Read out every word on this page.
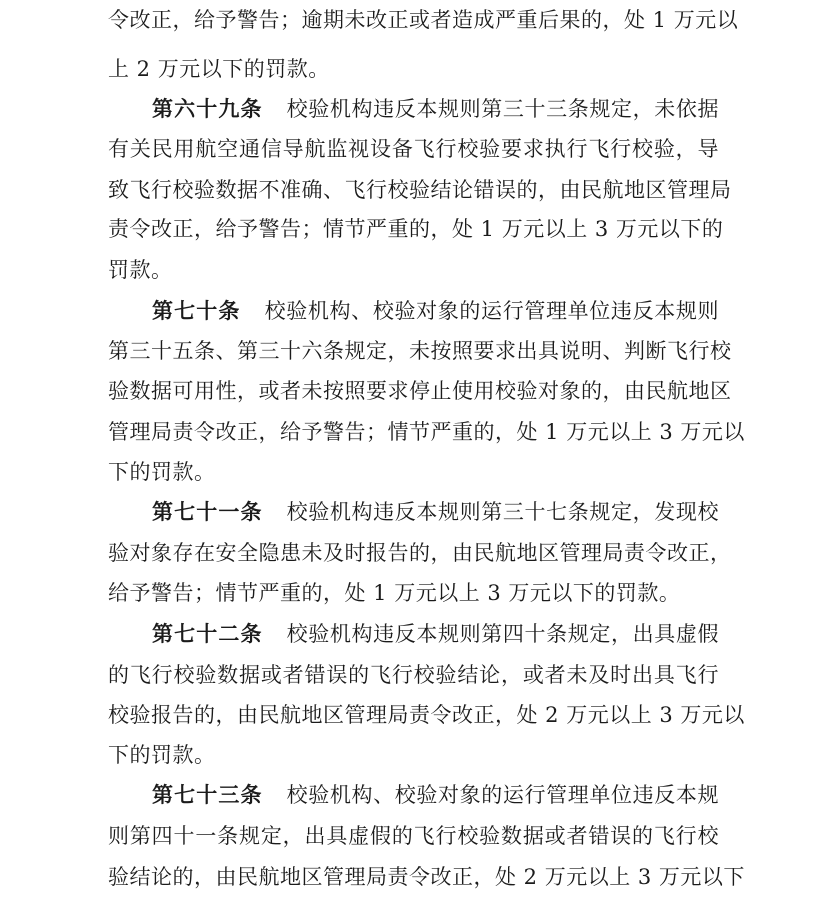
令改正，给予警告；逾期未改正或者造成严重后果的，处 1 万元以
上 2 万元以下的罚款。
第六十九条 校验机构违反本规则第三十三条规定，未依据
有关民用航空通信导航监视设备飞行校验要求执行飞行校验，导
致飞行校验数据不准确、飞行校验结论错误的，由民航地区管理局
责令改正，给予警告；情节严重的，处 1 万元以上 3 万元以下的
罚款。
第七十条 校验机构、校验对象的运行管理单位违反本规则
第三十五条、第三十六条规定，未按照要求出具说明、判断飞行校
验数据可用性，或者未按照要求停止使用校验对象的，由民航地区
管理局责令改正，给予警告；情节严重的，处 1 万元以上 3 万元以
下的罚款。
第七十一条 校验机构违反本规则第三十七条规定，发现校
验对象存在安全隐患未及时报告的，由民航地区管理局责令改正，
给予警告；情节严重的，处 1 万元以上 3 万元以下的罚款。
第七十二条 校验机构违反本规则第四十条规定，出具虚假
的飞行校验数据或者错误的飞行校验结论，或者未及时出具飞行
校验报告的，由民航地区管理局责令改正，处 2 万元以上 3 万元以
下的罚款。
第七十三条 校验机构、校验对象的运行管理单位违反本规
则第四十一条规定，出具虚假的飞行校验数据或者错误的飞行校
验结论的，由民航地区管理局责令改正，处 2 万元以上 3 万元以下
